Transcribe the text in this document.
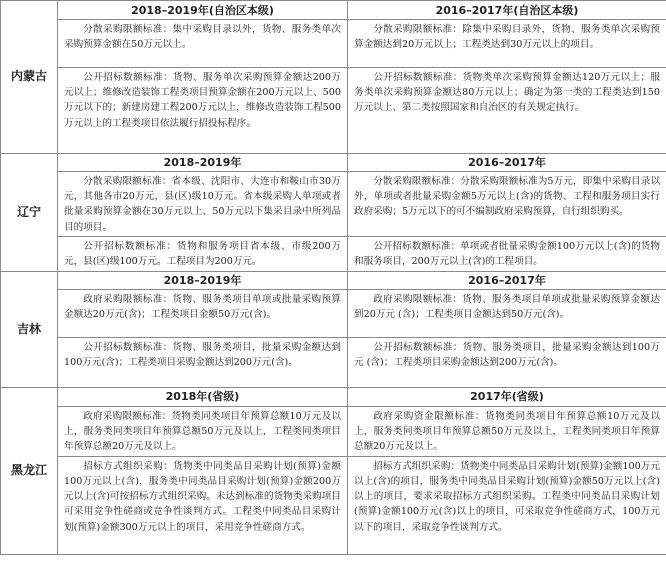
内蒙古	2018–2019年(自治区本级)	2016–2017年(自治区本级)

	分散采购限额标准：集中采购目录以外，货物、服务类单次采购预算金额在50万元以上。	分散采购限额标准：除集中采购目录外，货物、服务类单次采购预算金额达到20万元以上；工程类达到30万元以上的项目。

	公开招标数额标准：货物、服务单次采购预算金额达200万元以上；维修改造装饰工程类项目预算金额在200万元以上、500万元以下的；新建房建工程200万元以上，维修改造装饰工程500万元以上的工程类项目依法履行招投标程序。	公开招标数额标准：货物类单次采购预算金额达120万元以上；服务类单次采购预算金额达80万元以上；确定为第一类的工程类达到150万元以上、第二类按照国家和自治区的有关规定执行。

辽宁	2018–2019年	2016–2017年

	分散采购限额标准：省本级、沈阳市、大连市和鞍山市30万元，其他各市20万元，县(区)级10万元。省本级采购人单项或者批量采购预算金额在30万元以上、50万元以下集采目录中所列品目的项目。	分散采购限额标准：分散采购限额标准为5万元，即集中采购目录以外，单项或者批量采购金额5万元以上(含)的货物、工程和服务项目实行政府采购；5万元以下的可不编制政府采购预算，自行组织购买。

	公开招标数额标准：货物和服务项目省本级、市级200万元，县(区)级100万元。工程项目为200万元。	公开招标数额标准：单项或者批量采购金额100万元以上(含)的货物和服务项目，200万元以上(含)的工程项目。

吉林	2018–2019年	2016–2017年

	政府采购限额标准：货物、服务类项目单项或批量采购预算金额达20万元(含)；工程类项目金额50万元(含)。	政府采购限额标准：货物、服务类项目单项或批量采购预算金额达到20万元 (含)；工程类项目金额达到50万元(含)。

	公开招标数额标准：货物、服务类项目，批量采购金额达到100万元(含)；工程类项目采购金额达到200万元(含)。	公开招标数额标准：货物、服务类项目，批量采购金额达到100万元 (含)；工程类项目采购金额达到200万元(含)。

黑龙江	2018年(省级)	2017年(省级)

	政府采购限额标准：货物类同类项目年预算总额10万元及以上，服务类同类项目年预算总额50万元及以上，工程类同类项目年预算总额20万元及以上。	政府采购资金限额标准：货物类同类项目年预算总额10万元及以上，服务类同类项目年预算总额50万元及以上，工程类同类项目年预算总额20万元及以上。

	招标方式组织采购：货物类中同类品目采购计划(预算)金额100万元以上(含)，服务类中同类品目采购计划(预算)金额200万元以上(含)可按招标方式组织采购。未达到标准的货物类采购项目可采用竞争性磋商或竞争性谈判方式。工程类中同类品目采购计划(预算)金额300万元以上的项目，采用竞争性磋商方式。	招标方式组织采购：货物类中同类品目采购计划(预算)金额100万元以上(含)的项目，服务类中同类品目采购计划(预算)金额50万元以上(含)以上的项目，要求采取招标方式组织采购。工程类中同类品目采购计划(预算)金额100万元(含)以上的项目，可采取竞争性磋商方式，100万元以下的项目，采取竞争性谈判方式。
